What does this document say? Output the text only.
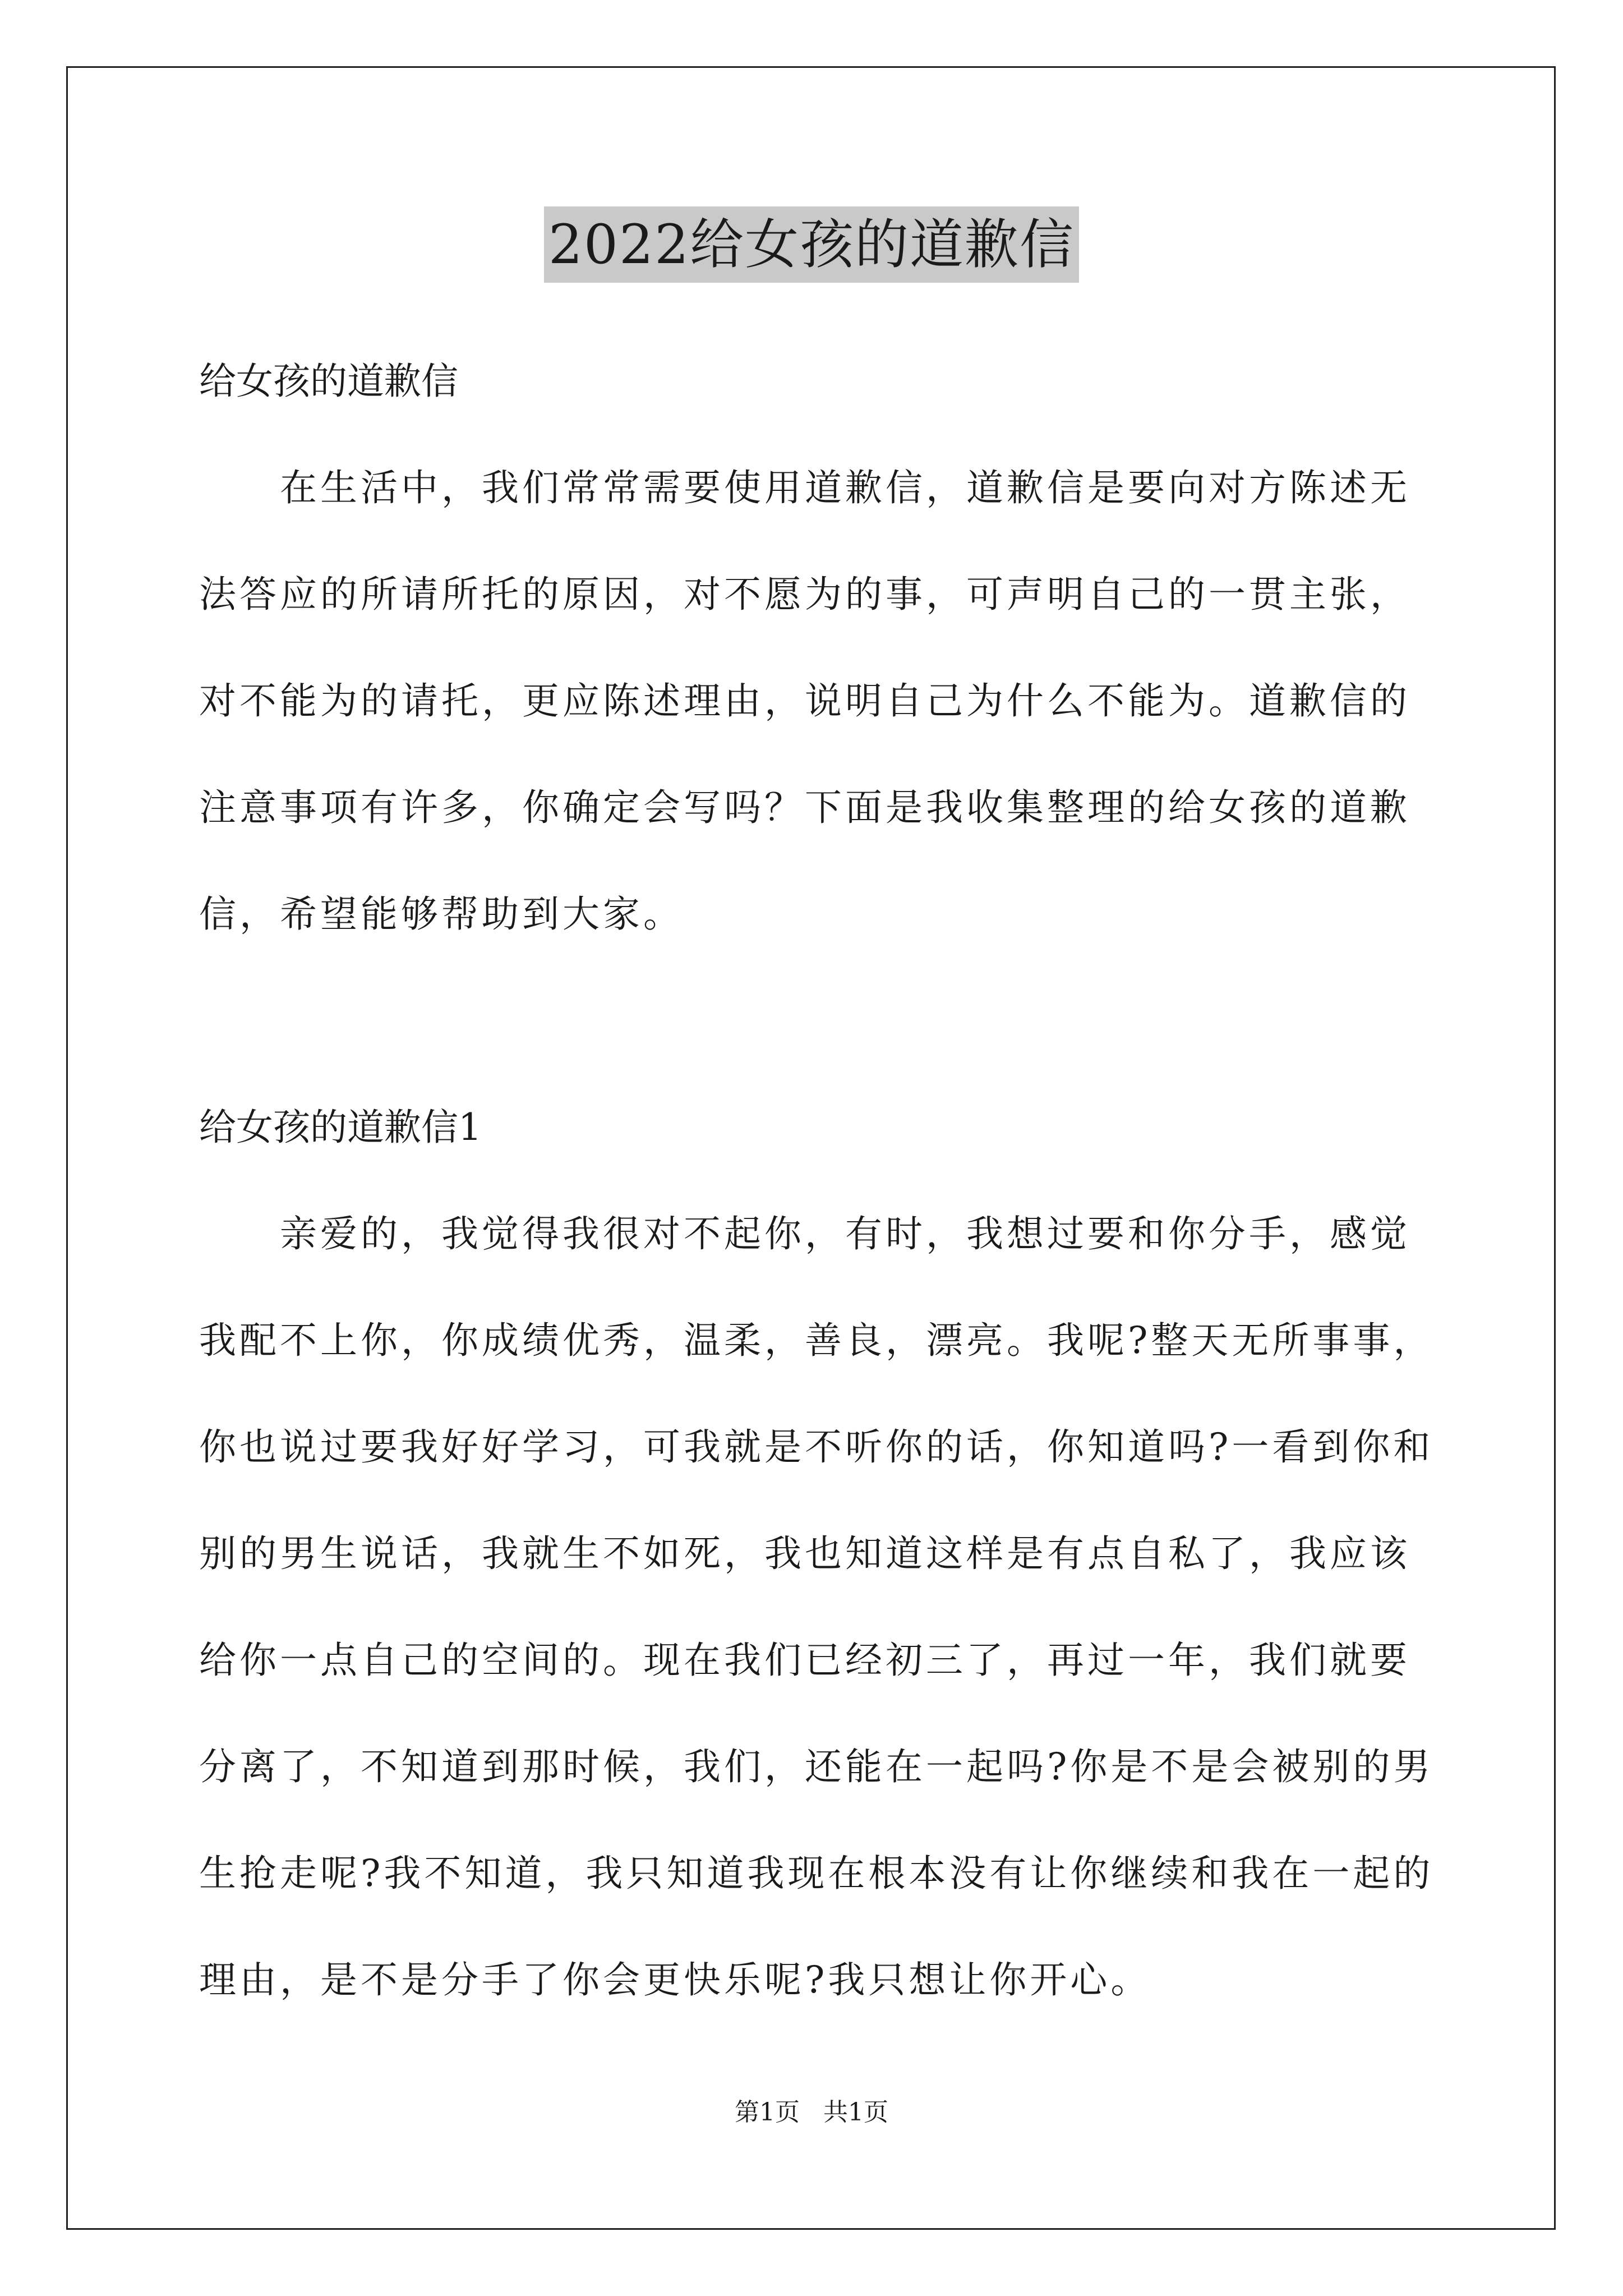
2022给女孩的道歉信
给女孩的道歉信
　　在生活中，我们常常需要使用道歉信，道歉信是要向对方陈述无
法答应的所请所托的原因，对不愿为的事，可声明自己的一贯主张，
对不能为的请托，更应陈述理由，说明自己为什么不能为。道歉信的
注意事项有许多，你确定会写吗？下面是我收集整理的给女孩的道歉
信，希望能够帮助到大家。
给女孩的道歉信1
　　亲爱的，我觉得我很对不起你，有时，我想过要和你分手，感觉
我配不上你，你成绩优秀，温柔，善良，漂亮。我呢?整天无所事事，
你也说过要我好好学习，可我就是不听你的话，你知道吗?一看到你和
别的男生说话，我就生不如死，我也知道这样是有点自私了，我应该
给你一点自己的空间的。现在我们已经初三了，再过一年，我们就要
分离了，不知道到那时候，我们，还能在一起吗?你是不是会被别的男
生抢走呢?我不知道，我只知道我现在根本没有让你继续和我在一起的
理由，是不是分手了你会更快乐呢?我只想让你开心。
第1页 共1页
